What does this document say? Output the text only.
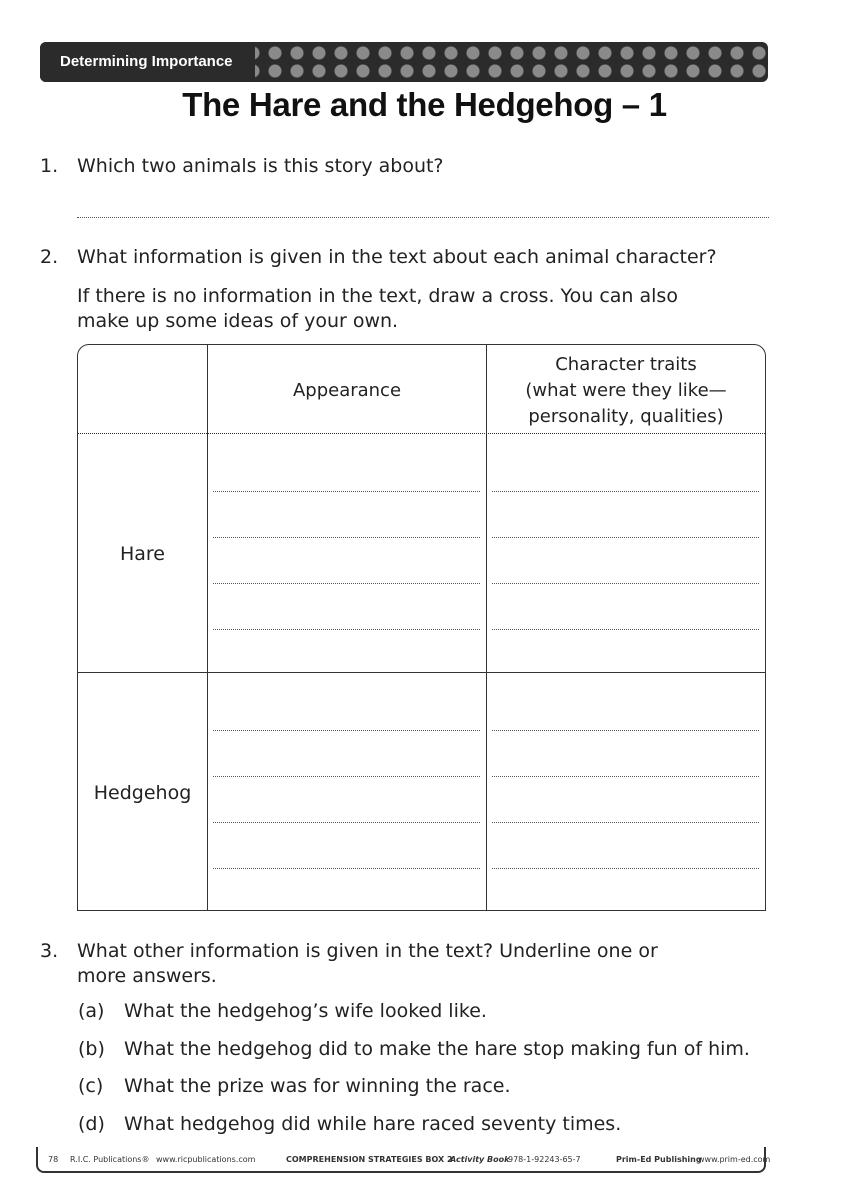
Determining Importance
The Hare and the Hedgehog – 1
1. Which two animals is this story about?
2. What information is given in the text about each animal character?
If there is no information in the text, draw a cross. You can also
make up some ideas of your own.
Appearance
Character traits
(what were they like—
personality, qualities)
Hare
Hedgehog
3. What other information is given in the text? Underline one or
more answers.
(a) What the hedgehog’s wife looked like.
(b) What the hedgehog did to make the hare stop making fun of him.
(c) What the prize was for winning the race.
(d) What hedgehog did while hare raced seventy times.
78 R.I.C. Publications® www.ricpublications.com	COMPREHENSION STRATEGIES BOX 2
Activity Book
978-1-92243-65-7	Prim-Ed Publishing
www.prim-ed.com
